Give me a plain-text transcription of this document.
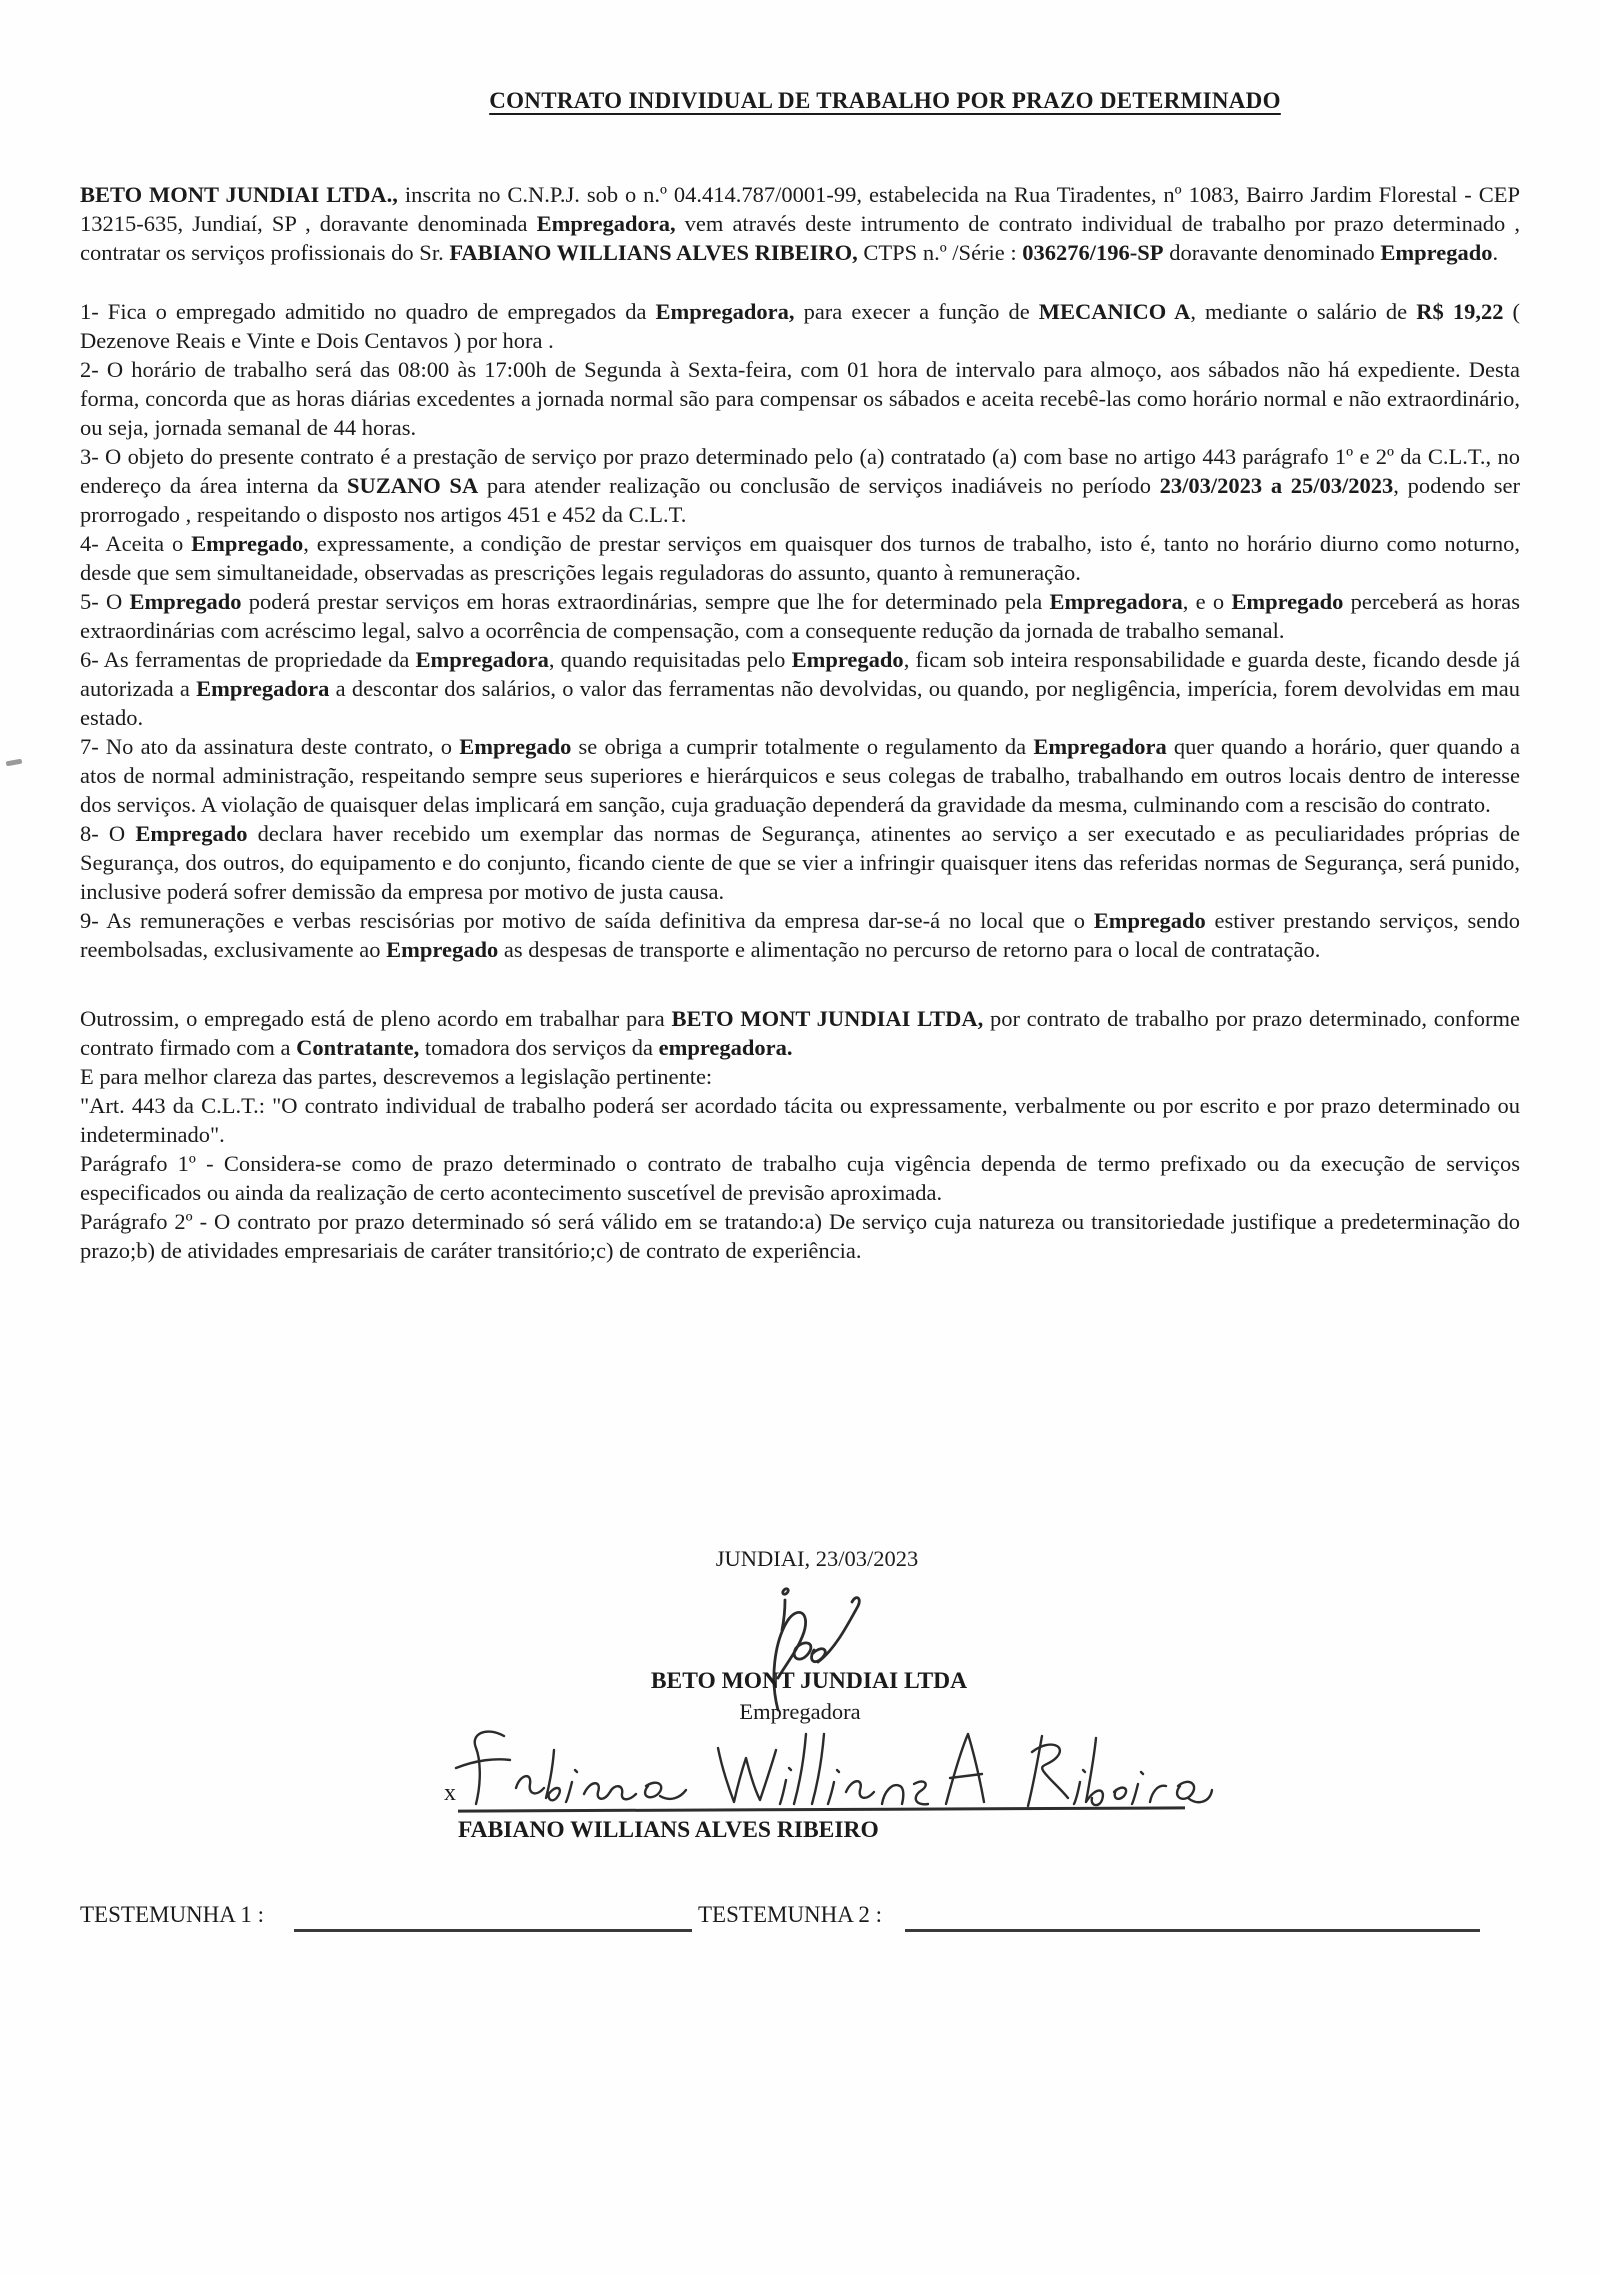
CONTRATO INDIVIDUAL DE TRABALHO POR PRAZO DETERMINADO

BETO MONT JUNDIAI LTDA., inscrita no C.N.P.J. sob o n.º 04.414.787/0001-99, estabelecida na Rua Tiradentes, nº 1083, Bairro Jardim Florestal - CEP 13215-635, Jundiaí, SP , doravante denominada Empregadora, vem através deste intrumento de contrato individual de trabalho por prazo determinado , contratar os serviços profissionais do Sr. FABIANO WILLIANS ALVES RIBEIRO, CTPS n.º /Série : 036276/196-SP doravante denominado Empregado.

1- Fica o empregado admitido no quadro de empregados da Empregadora, para execer a função de MECANICO A, mediante o salário de R$ 19,22 ( Dezenove Reais e Vinte e Dois Centavos ) por hora .

2- O horário de trabalho será das 08:00 às 17:00h de Segunda à Sexta-feira, com 01 hora de intervalo para almoço, aos sábados não há expediente. Desta forma, concorda que as horas diárias excedentes a jornada normal são para compensar os sábados e aceita recebê-las como horário normal e não extraordinário, ou seja, jornada semanal de 44 horas.

3- O objeto do presente contrato é a prestação de serviço por prazo determinado pelo (a) contratado (a) com base no artigo 443 parágrafo 1º e 2º da C.L.T., no endereço da área interna da SUZANO SA para atender realização ou conclusão de serviços inadiáveis no período 23/03/2023 a 25/03/2023, podendo ser prorrogado , respeitando o disposto nos artigos 451 e 452 da C.L.T.

4- Aceita o Empregado, expressamente, a condição de prestar serviços em quaisquer dos turnos de trabalho, isto é, tanto no horário diurno como noturno, desde que sem simultaneidade, observadas as prescrições legais reguladoras do assunto, quanto à remuneração.

5- O Empregado poderá prestar serviços em horas extraordinárias, sempre que lhe for determinado pela Empregadora, e o Empregado perceberá as horas extraordinárias com acréscimo legal, salvo a ocorrência de compensação, com a consequente redução da jornada de trabalho semanal.

6- As ferramentas de propriedade da Empregadora, quando requisitadas pelo Empregado, ficam sob inteira responsabilidade e guarda deste, ficando desde já autorizada a Empregadora a descontar dos salários, o valor das ferramentas não devolvidas, ou quando, por negligência, imperícia, forem devolvidas em mau estado.

7- No ato da assinatura deste contrato, o Empregado se obriga a cumprir totalmente o regulamento da Empregadora quer quando a horário, quer quando a atos de normal administração, respeitando sempre seus superiores e hierárquicos e seus colegas de trabalho, trabalhando em outros locais dentro de interesse dos serviços. A violação de quaisquer delas implicará em sanção, cuja graduação dependerá da gravidade da mesma, culminando com a rescisão do contrato.

8- O Empregado declara haver recebido um exemplar das normas de Segurança, atinentes ao serviço a ser executado e as peculiaridades próprias de Segurança, dos outros, do equipamento e do conjunto, ficando ciente de que se vier a infringir quaisquer itens das referidas normas de Segurança, será punido, inclusive poderá sofrer demissão da empresa por motivo de justa causa.

9- As remunerações e verbas rescisórias por motivo de saída definitiva da empresa dar-se-á no local que o Empregado estiver prestando serviços, sendo reembolsadas, exclusivamente ao Empregado as despesas de transporte e alimentação no percurso de retorno para o local de contratação.

Outrossim, o empregado está de pleno acordo em trabalhar para BETO MONT JUNDIAI LTDA, por contrato de trabalho por prazo determinado, conforme contrato firmado com a Contratante, tomadora dos serviços da empregadora.

E para melhor clareza das partes, descrevemos a legislação pertinente:

"Art. 443 da C.L.T.: "O contrato individual de trabalho poderá ser acordado tácita ou expressamente, verbalmente ou por escrito e por prazo determinado ou indeterminado".

Parágrafo 1º - Considera-se como de prazo determinado o contrato de trabalho cuja vigência dependa de termo prefixado ou da execução de serviços especificados ou ainda da realização de certo acontecimento suscetível de previsão aproximada.

Parágrafo 2º - O contrato por prazo determinado só será válido em se tratando:a) De serviço cuja natureza ou transitoriedade justifique a predeterminação do prazo;b) de atividades empresariais de caráter transitório;c) de contrato de experiência.

JUNDIAI, 23/03/2023
BETO MONT JUNDIAI LTDA
Empregadora
x
FABIANO WILLIANS ALVES RIBEIRO
TESTEMUNHA 1 :	TESTEMUNHA 2 :
